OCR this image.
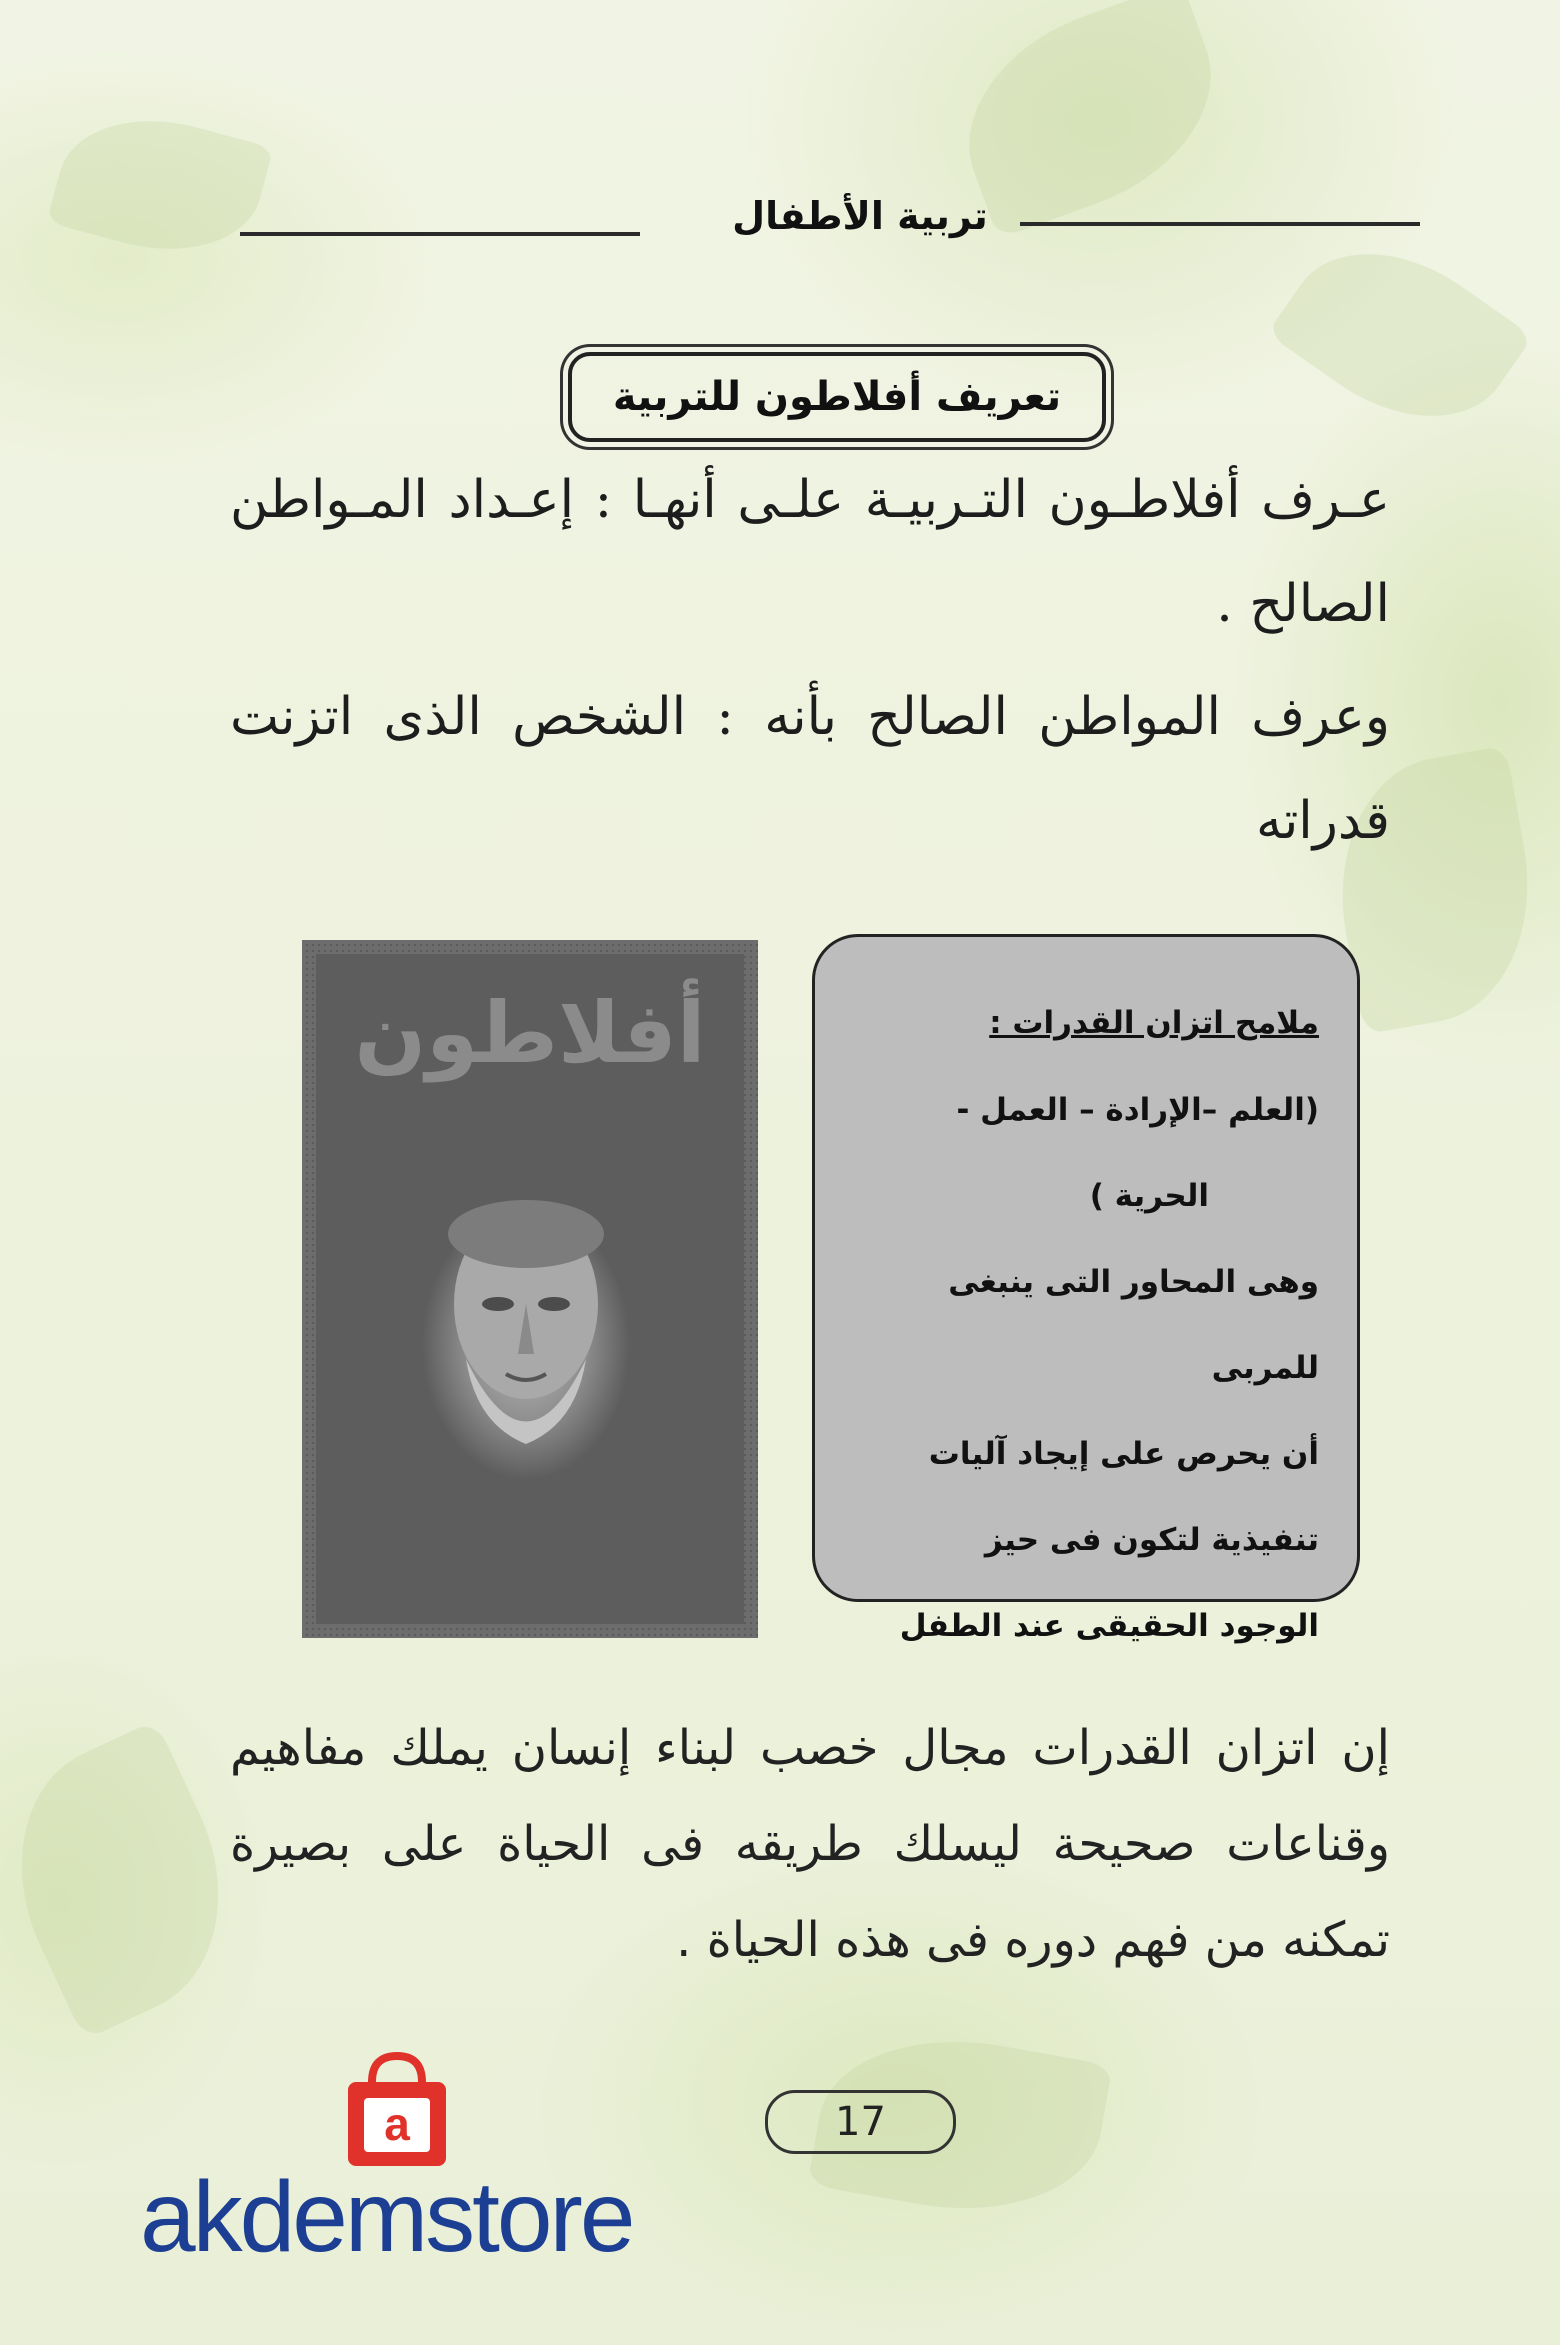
تربية الأطفال
تعريف أفلاطون للتربية

عـرف أفلاطـون التـربيـة علـى أنهـا : إعـداد المـواطن الصالح .

وعرف المواطن الصالح بأنه : الشخص الذى اتزنت قدراته

أفلاطون	ملامح اتزان القدرات :
(العلم –الإرادة – العمل -
الحرية )
وهى المحاور التى ينبغى للمربى
أن يحرص على إيجاد آليات
تنفيذية لتكون فى حيز
الوجود الحقيقى عند الطفل

إن اتزان القدرات مجال خصب لبناء إنسان يملك مفاهيم وقناعات صحيحة ليسلك طريقه فى الحياة على بصيرة تمكنه من فهم دوره فى هذه الحياة .

17
a
akdemstore
